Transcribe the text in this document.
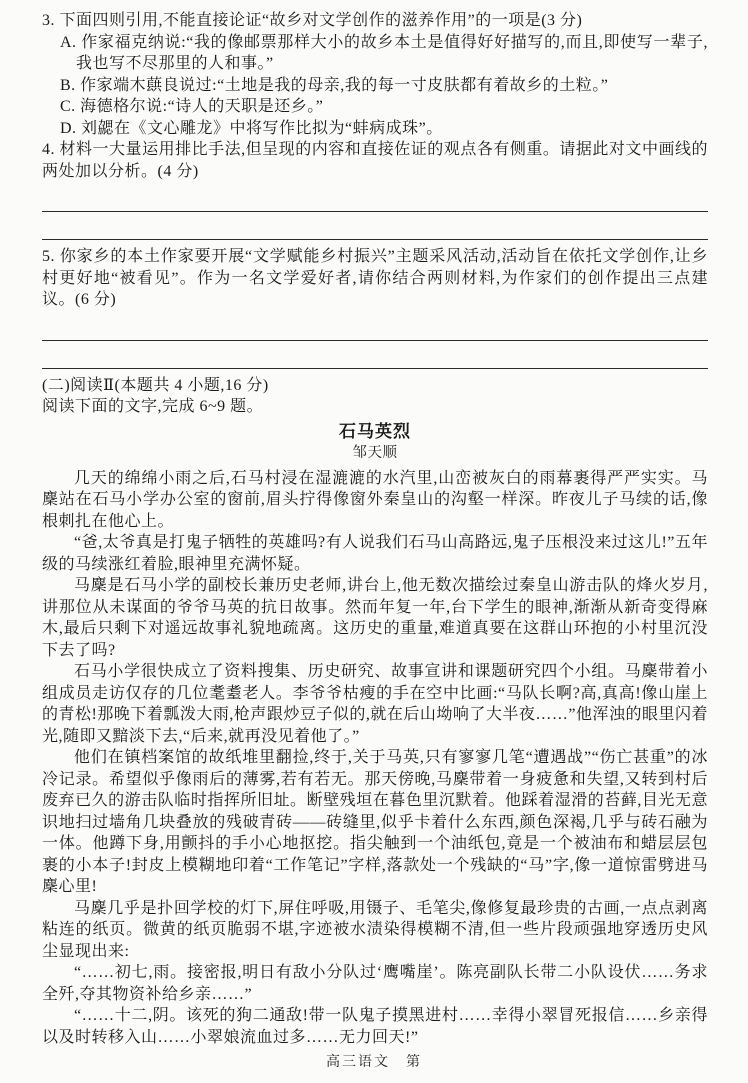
3. 下面四则引用,不能直接论证“故乡对文学创作的滋养作用”的一项是(3 分)

A. 作家福克纳说:“我的像邮票那样大小的故乡本土是值得好好描写的,而且,即使写一辈子,我也写不尽那里的人和事。”

B. 作家端木蕻良说过:“土地是我的母亲,我的每一寸皮肤都有着故乡的土粒。”

C. 海德格尔说:“诗人的天职是还乡。”

D. 刘勰在《文心雕龙》中将写作比拟为“蚌病成珠”。

4. 材料一大量运用排比手法,但呈现的内容和直接佐证的观点各有侧重。请据此对文中画线的两处加以分析。(4 分)

5. 你家乡的本土作家要开展“文学赋能乡村振兴”主题采风活动,活动旨在依托文学创作,让乡村更好地“被看见”。作为一名文学爱好者,请你结合两则材料,为作家们的创作提出三点建议。(6 分)

(二)阅读Ⅱ(本题共 4 小题,16 分)

阅读下面的文字,完成 6~9 题。

石马英烈

邹天顺

几天的绵绵小雨之后,石马村浸在湿漉漉的水汽里,山峦被灰白的雨幕裹得严严实实。马麇站在石马小学办公室的窗前,眉头拧得像窗外秦皇山的沟壑一样深。昨夜儿子马续的话,像根刺扎在他心上。

“爸,太爷真是打鬼子牺牲的英雄吗?有人说我们石马山高路远,鬼子压根没来过这儿!”五年级的马续涨红着脸,眼神里充满怀疑。

马麇是石马小学的副校长兼历史老师,讲台上,他无数次描绘过秦皇山游击队的烽火岁月,讲那位从未谋面的爷爷马英的抗日故事。然而年复一年,台下学生的眼神,渐渐从新奇变得麻木,最后只剩下对遥远故事礼貌地疏离。这历史的重量,难道真要在这群山环抱的小村里沉没下去了吗?

石马小学很快成立了资料搜集、历史研究、故事宣讲和课题研究四个小组。马麇带着小组成员走访仅存的几位耄耋老人。李爷爷枯瘦的手在空中比画:“马队长啊?高,真高!像山崖上的青松!那晚下着瓢泼大雨,枪声跟炒豆子似的,就在后山坳响了大半夜……”他浑浊的眼里闪着光,随即又黯淡下去,“后来,就再没见着他了。”

他们在镇档案馆的故纸堆里翻捡,终于,关于马英,只有寥寥几笔“遭遇战”“伤亡甚重”的冰冷记录。希望似乎像雨后的薄雾,若有若无。那天傍晚,马麇带着一身疲惫和失望,又转到村后废弃已久的游击队临时指挥所旧址。断壁残垣在暮色里沉默着。他踩着湿滑的苔藓,目光无意识地扫过墙角几块叠放的残破青砖——砖缝里,似乎卡着什么东西,颜色深褐,几乎与砖石融为一体。他蹲下身,用颤抖的手小心地抠挖。指尖触到一个油纸包,竟是一个被油布和蜡层层包裹的小本子!封皮上模糊地印着“工作笔记”字样,落款处一个残缺的“马”字,像一道惊雷劈进马麇心里!

马麇几乎是扑回学校的灯下,屏住呼吸,用镊子、毛笔尖,像修复最珍贵的古画,一点点剥离粘连的纸页。微黄的纸页脆弱不堪,字迹被水渍染得模糊不清,但一些片段顽强地穿透历史风尘显现出来:

“……初七,雨。接密报,明日有敌小分队过‘鹰嘴崖’。陈亮副队长带二小队设伏……务求全歼,夺其物资补给乡亲……”

“……十二,阴。该死的狗二通敌!带一队鬼子摸黑进村……幸得小翠冒死报信……乡亲得以及时转移入山……小翠娘流血过多……无力回天!”

高三语文　第
